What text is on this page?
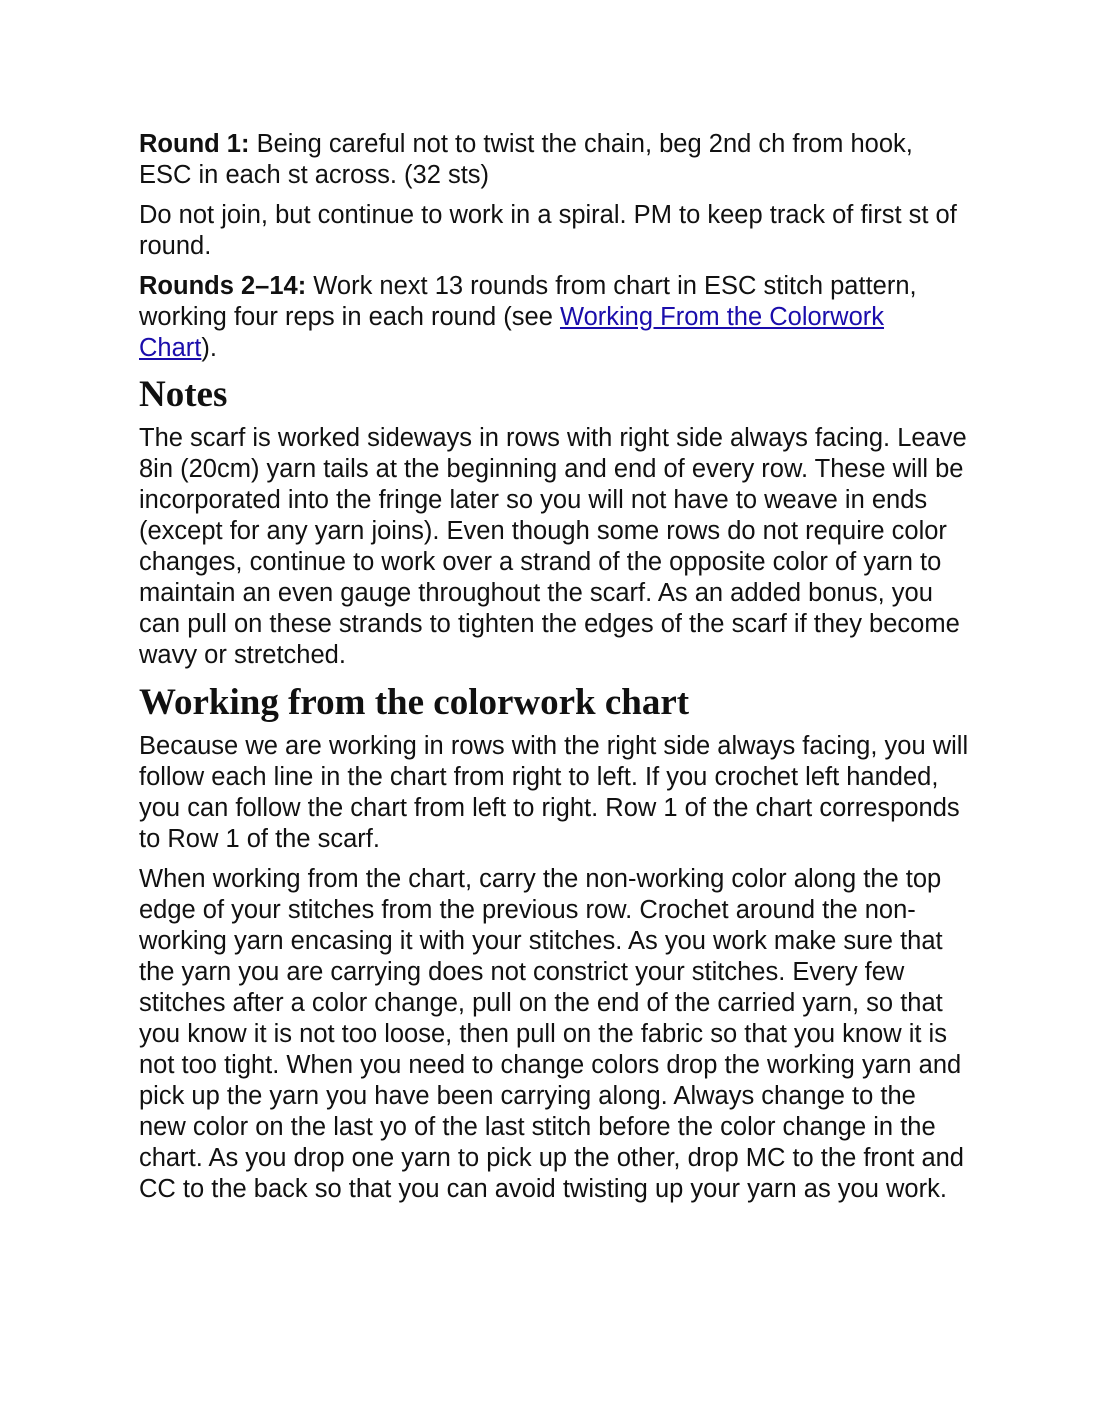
Round 1: Being careful not to twist the chain, beg 2nd ch from hook, ESC in each st across. (32 sts)

Do not join, but continue to work in a spiral. PM to keep track of first st of round.

Rounds 2–14: Work next 13 rounds from chart in ESC stitch pattern, working four reps in each round (see Working From the Colorwork Chart).

Notes

The scarf is worked sideways in rows with right side always facing. Leave 8in (20cm) yarn tails at the beginning and end of every row. These will be incorporated into the fringe later so you will not have to weave in ends (except for any yarn joins). Even though some rows do not require color changes, continue to work over a strand of the opposite color of yarn to maintain an even gauge throughout the scarf. As an added bonus, you can pull on these strands to tighten the edges of the scarf if they become wavy or stretched.

Working from the colorwork chart

Because we are working in rows with the right side always facing, you will follow each line in the chart from right to left. If you crochet left handed, you can follow the chart from left to right. Row 1 of the chart corresponds to Row 1 of the scarf.

When working from the chart, carry the non-working color along the top edge of your stitches from the previous row. Crochet around the non-working yarn encasing it with your stitches. As you work make sure that the yarn you are carrying does not constrict your stitches. Every few stitches after a color change, pull on the end of the carried yarn, so that you know it is not too loose, then pull on the fabric so that you know it is not too tight. When you need to change colors drop the working yarn and pick up the yarn you have been carrying along. Always change to the new color on the last yo of the last stitch before the color change in the chart. As you drop one yarn to pick up the other, drop MC to the front and CC to the back so that you can avoid twisting up your yarn as you work.
